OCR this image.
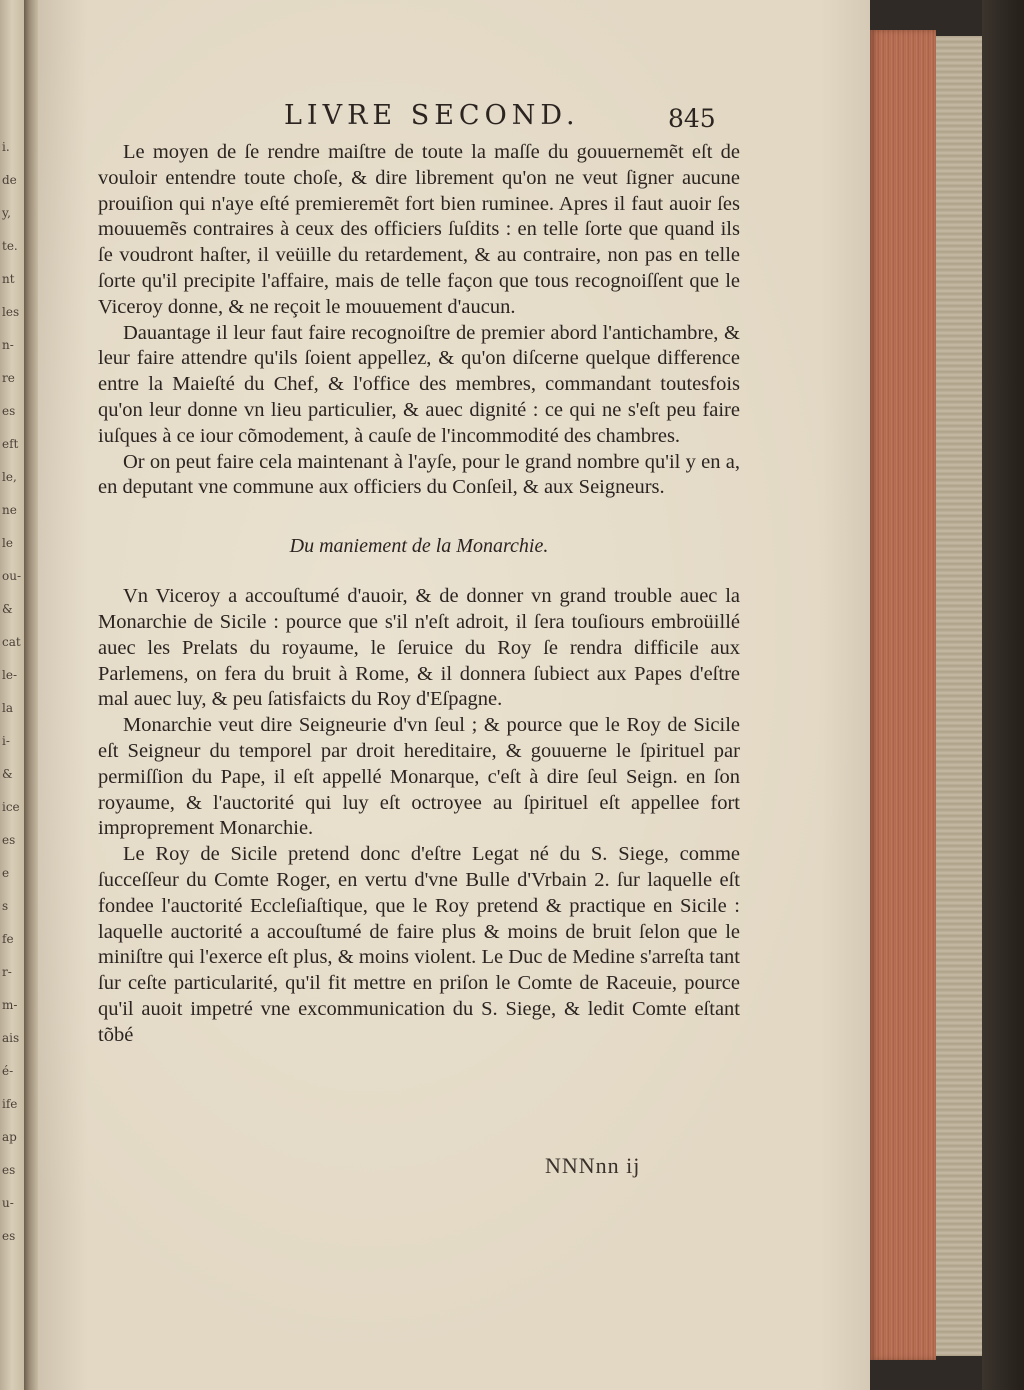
i.
de
y,
te.
nt
les
n-
re
es
eft
le,
ne
le
ou-
&
cat
le-
la
i-
&
ice
es
e
s
fe
r-
m-
ais
é-
ife
ap
es
u-
es
LIVRE SECOND.	845

Le moyen de ſe rendre maiſtre de toute la maſſe du gouuernemẽt eſt de vouloir entendre toute choſe, & dire librement qu'on ne veut ſigner aucune prouiſion qui n'aye eſté premieremẽt fort bien ruminee. Apres il faut auoir ſes mouuemẽs contraires à ceux des officiers ſuſdits : en telle ſorte que quand ils ſe voudront haſter, il veüille du retardement, & au contraire, non pas en telle ſorte qu'il precipite l'affaire, mais de telle façon que tous recognoiſſent que le Viceroy donne, & ne reçoit le mouuement d'aucun.

Dauantage il leur faut faire recognoiſtre de premier abord l'antichambre, & leur faire attendre qu'ils ſoient appellez, & qu'on diſcerne quelque difference entre la Maieſté du Chef, & l'office des membres, commandant toutesfois qu'on leur donne vn lieu particulier, & auec dignité : ce qui ne s'eſt peu faire iuſques à ce iour cõmodement, à cauſe de l'incommodité des chambres.

Or on peut faire cela maintenant à l'ayſe, pour le grand nombre qu'il y en a, en deputant vne commune aux officiers du Conſeil, & aux Seigneurs.

Du maniement de la Monarchie.

Vn Viceroy a accouſtumé d'auoir, & de donner vn grand trouble auec la Monarchie de Sicile : pource que s'il n'eſt adroit, il ſera touſiours embroüillé auec les Prelats du royaume, le ſeruice du Roy ſe rendra difficile aux Parlemens, on fera du bruit à Rome, & il donnera ſubiect aux Papes d'eſtre mal auec luy, & peu ſatisfaicts du Roy d'Eſpagne.

Monarchie veut dire Seigneurie d'vn ſeul ; & pource que le Roy de Sicile eſt Seigneur du temporel par droit hereditaire, & gouuerne le ſpirituel par permiſſion du Pape, il eſt appellé Monarque, c'eſt à dire ſeul Seign. en ſon royaume, & l'auctorité qui luy eſt octroyee au ſpirituel eſt appellee fort improprement Monarchie.

Le Roy de Sicile pretend donc d'eſtre Legat né du S. Siege, comme ſucceſſeur du Comte Roger, en vertu d'vne Bulle d'Vrbain 2. ſur laquelle eſt fondee l'auctorité Eccleſiaſtique, que le Roy pretend & practique en Sicile : laquelle auctorité a accouſtumé de faire plus & moins de bruit ſelon que le miniſtre qui l'exerce eſt plus, & moins violent. Le Duc de Medine s'arreſta tant ſur ceſte particularité, qu'il fit mettre en priſon le Comte de Raceuie, pource qu'il auoit impetré vne excommunication du S. Siege, & ledit Comte eſtant tõbé

NNNnn ij
